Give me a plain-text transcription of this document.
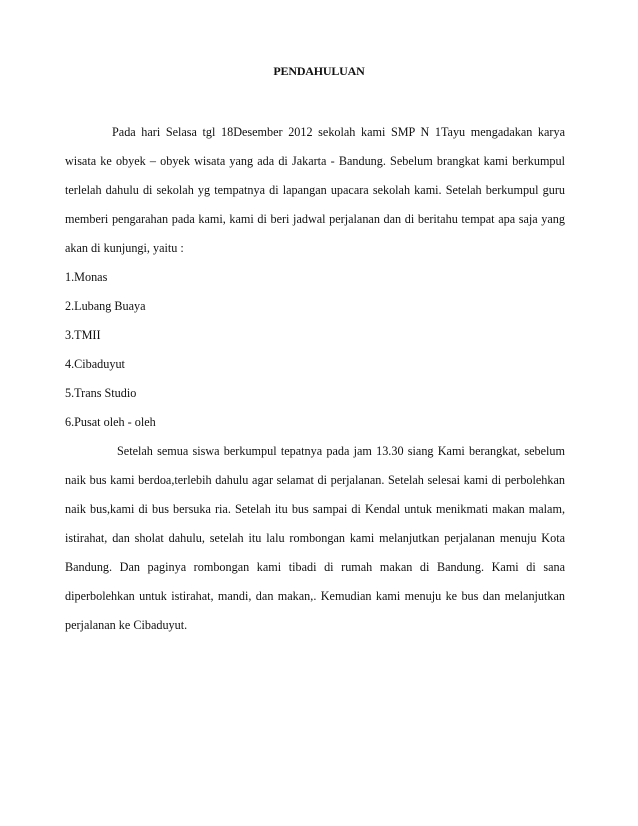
PENDAHULUAN

Pada hari Selasa tgl 18Desember 2012 sekolah kami SMP N 1Tayu mengadakan karya wisata ke obyek – obyek wisata yang ada di Jakarta - Bandung. Sebelum brangkat kami berkumpul terlelah dahulu di sekolah yg tempatnya di lapangan upacara sekolah kami. Setelah berkumpul guru memberi pengarahan pada kami, kami di beri jadwal perjalanan dan di beritahu tempat apa saja yang akan di kunjungi, yaitu :

1.Monas
2.Lubang Buaya
3.TMII
4.Cibaduyut
5.Trans Studio
6.Pusat oleh - oleh

Setelah semua siswa berkumpul tepatnya pada jam 13.30 siang Kami berangkat, sebelum naik bus kami berdoa,terlebih dahulu agar selamat di perjalanan. Setelah selesai kami di perbolehkan naik bus,kami di bus bersuka ria. Setelah itu bus sampai di Kendal untuk menikmati makan malam, istirahat, dan sholat dahulu, setelah itu lalu rombongan kami melanjutkan perjalanan menuju Kota Bandung. Dan paginya rombongan kami tibadi di rumah makan di Bandung. Kami di sana diperbolehkan untuk istirahat, mandi, dan makan,. Kemudian kami menuju ke bus dan melanjutkan perjalanan ke Cibaduyut.
